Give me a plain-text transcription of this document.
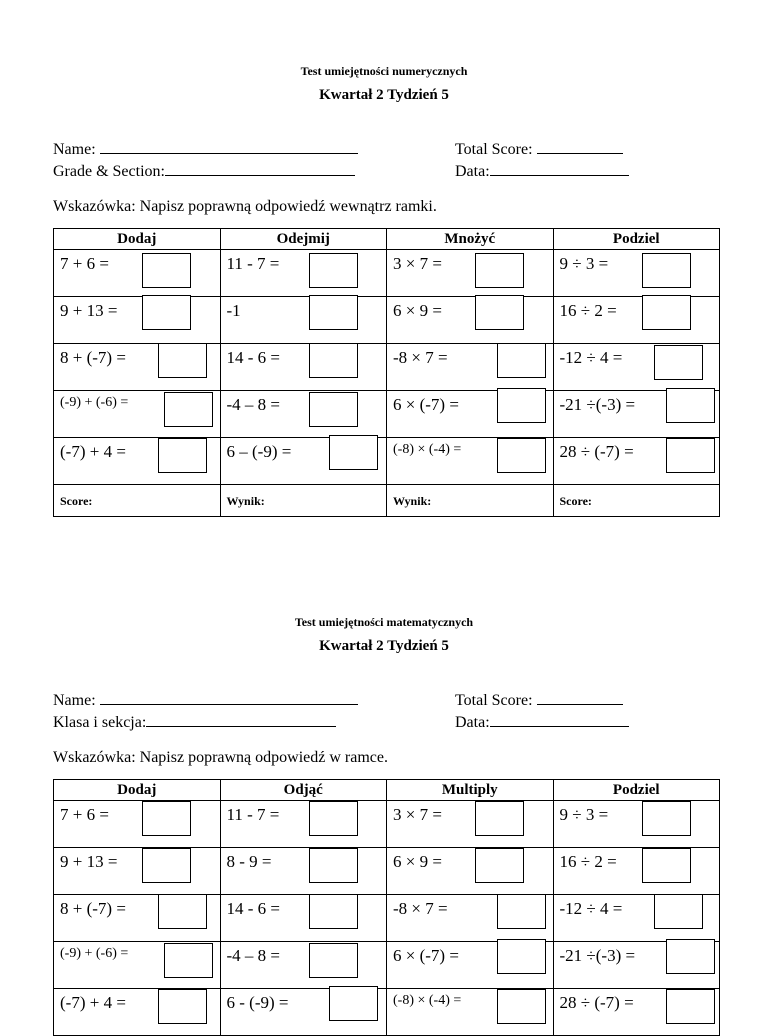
Test umiejętności numerycznych
Kwartał 2 Tydzień 5
Name:	Total Score:
Grade & Section:	Data:
Wskazówka: Napisz poprawną odpowiedź wewnątrz ramki.
Dodaj	Odejmij	Mnożyć	Podziel

7 + 6 =	11 - 7 =	3 × 7 =	9 ÷ 3 =

9 + 13 =	-1	6 × 9 =	16 ÷ 2 =

8 + (-7) =	14 - 6 =	-8 × 7 =	-12 ÷ 4 =

(-9) + (-6) =	-4 – 8 =	6 × (-7) =	-21 ÷(-3) =

(-7) + 4 =	6 – (-9) =	(-8) × (-4) =	28 ÷ (-7) =

Score:	Wynik:	Wynik:	Score:
Test umiejętności matematycznych
Kwartał 2 Tydzień 5
Name:	Total Score:
Klasa i sekcja:	Data:
Wskazówka: Napisz poprawną odpowiedź w ramce.
Dodaj	Odjąć	Multiply	Podziel

7 + 6 =	11 - 7 =	3 × 7 =	9 ÷ 3 =

9 + 13 =	8 - 9 =	6 × 9 =	16 ÷ 2 =

8 + (-7) =	14 - 6 =	-8 × 7 =	-12 ÷ 4 =

(-9) + (-6) =	-4 – 8 =	6 × (-7) =	-21 ÷(-3) =

(-7) + 4 =	6 - (-9) =	(-8) × (-4) =	28 ÷ (-7) =
